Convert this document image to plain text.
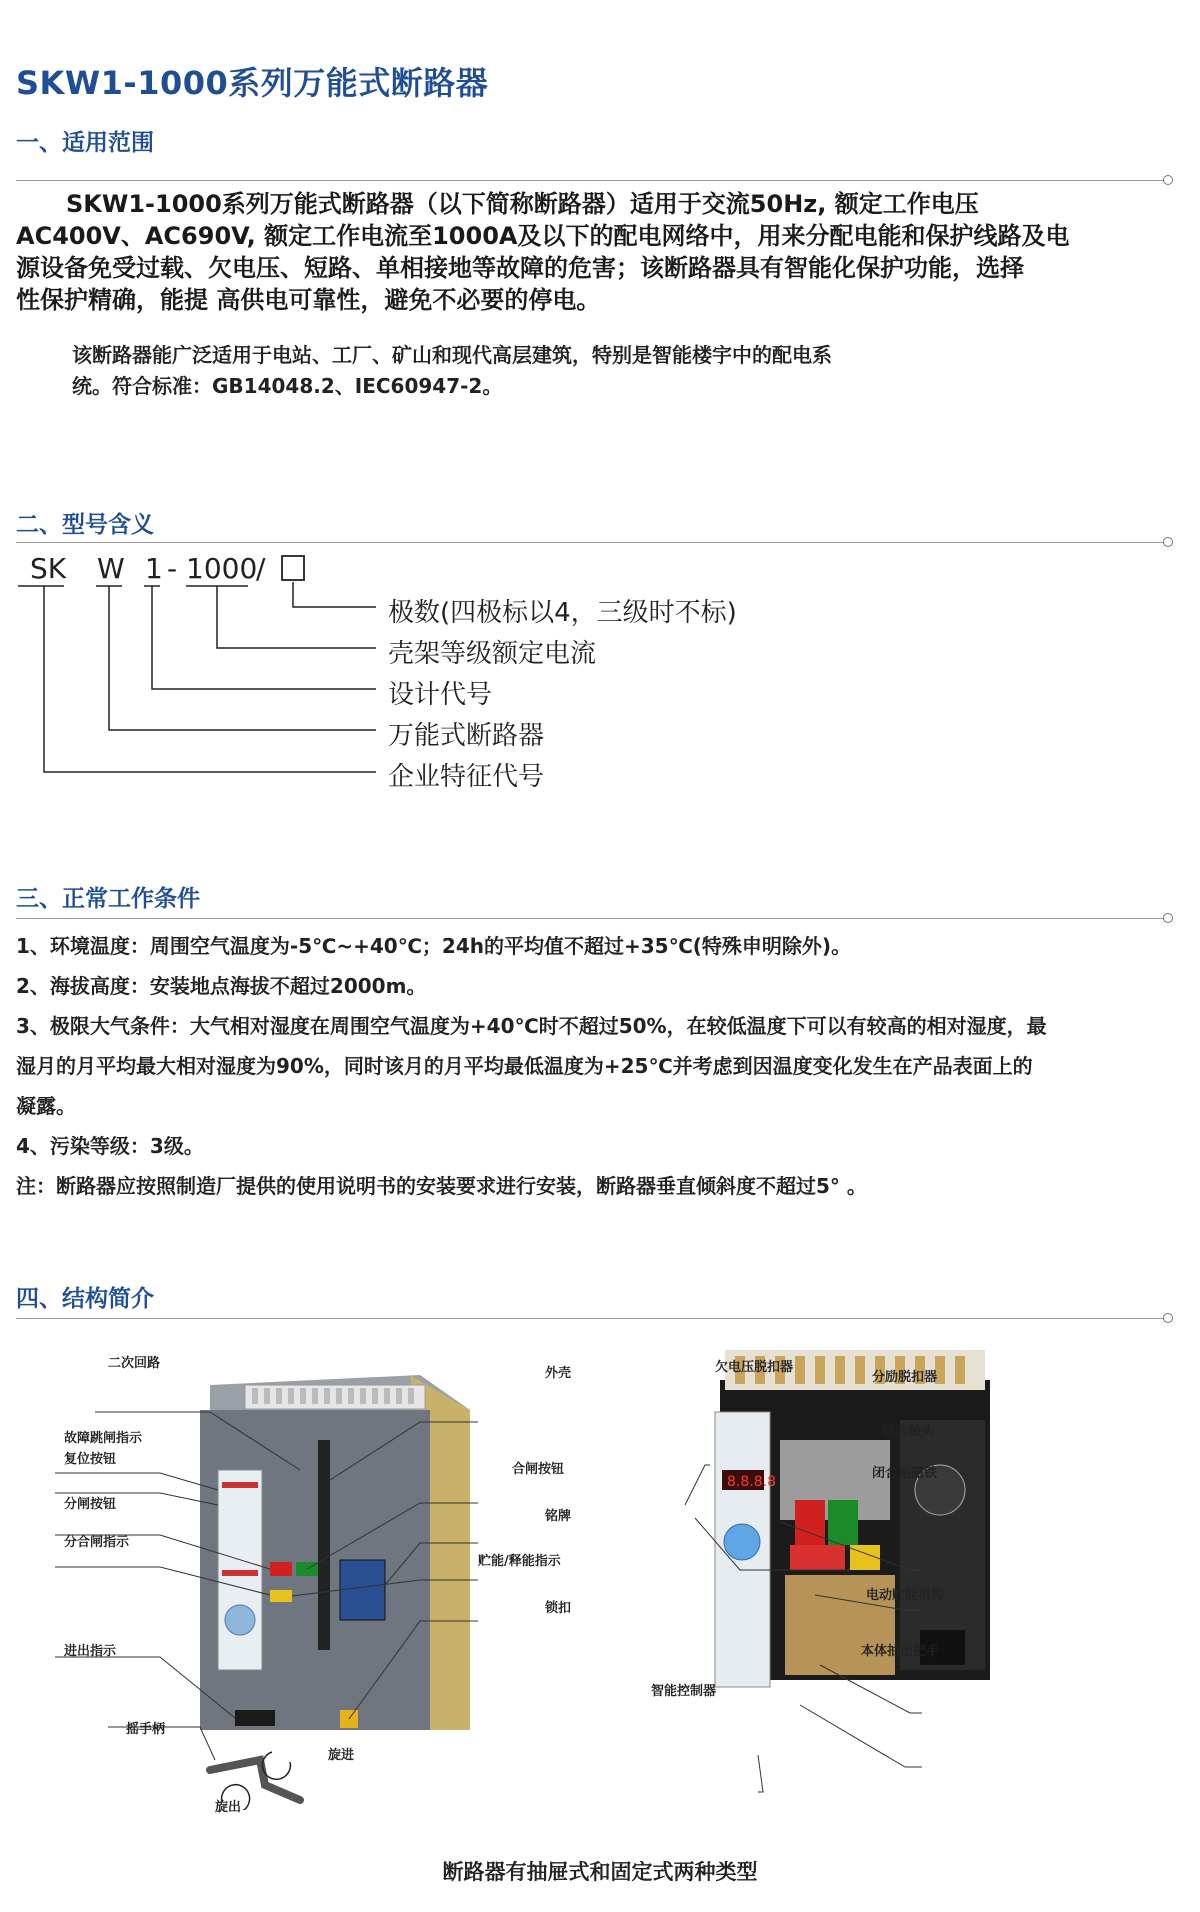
SKW1-1000系列万能式断路器
一、适用范围
SKW1-1000系列万能式断路器（以下简称断路器）适用于交流50Hz, 额定工作电压
AC400V、AC690V, 额定工作电流至1000A及以下的配电网络中，用来分配电能和保护线路及电
源设备免受过载、欠电压、短路、单相接地等故障的危害；该断路器具有智能化保护功能，选择
性保护精确，能提 高供电可靠性，避免不必要的停电。
该断路器能广泛适用于电站、工厂、矿山和现代高层建筑，特别是智能楼宇中的配电系
统。符合标准：GB14048.2、IEC60947-2。
二、型号含义
SK W 1 - 1000
/
极数(四极标以4，三级时不标)
壳架等级额定电流
设计代号
万能式断路器
企业特征代号
三、正常工作条件
1、环境温度：周围空气温度为-5℃~+40℃；24h的平均值不超过+35℃(特殊申明除外)。
2、海拔高度：安装地点海拔不超过2000m。
3、极限大气条件：大气相对湿度在周围空气温度为+40℃时不超过50%，在较低温度下可以有较高的相对湿度，最
湿月的月平均最大相对湿度为90%，同时该月的月平均最低温度为+25℃并考虑到因温度变化发生在产品表面上的
凝露。
4、污染等级：3级。
注：断路器应按照制造厂提供的使用说明书的安装要求进行安装，断路器垂直倾斜度不超过5° 。
四、结构简介
二次回路
故障跳闸指示
复位按钮
分闸按钮
分合闸指示
进出指示
摇手柄
外壳
合闸按钮
铭牌
贮能/释能指示
锁扣
旋进
旋出
8.8.8.8
欠电压脱扣器
分励脱扣器
辅助触头
闭合电磁铁
电动贮能机构
本体抽出把手
智能控制器
断路器有抽屉式和固定式两种类型
